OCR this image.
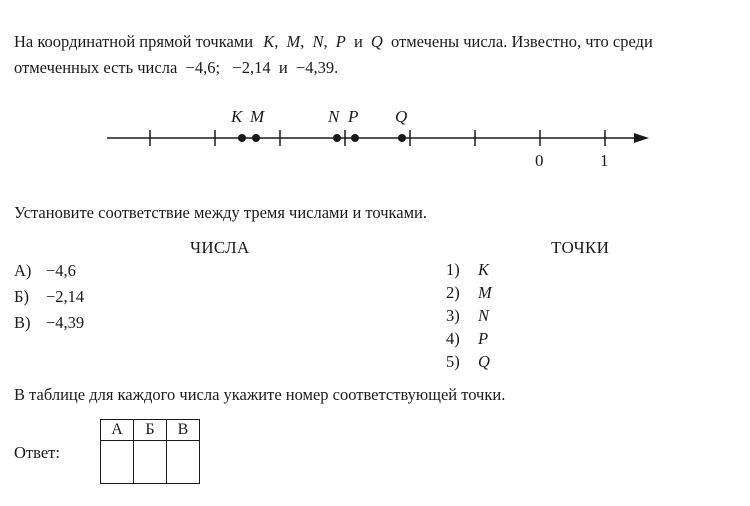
На координатной прямой точками K, M, N, P и Q отмечены числа. Известно, что среди
отмеченных есть числа  −4,6;   −2,14  и  −4,39.
K M	N P Q
0	1
Установите соответствие между тремя числами и точками.
ЧИСЛА	ТОЧКИ
А) −4,6
Б) −2,14
В) −4,39
1) K
2) M
3) N
4) P
5) Q
В таблице для каждого числа укажите номер соответствующей точки.
Ответ:
А	Б	В
